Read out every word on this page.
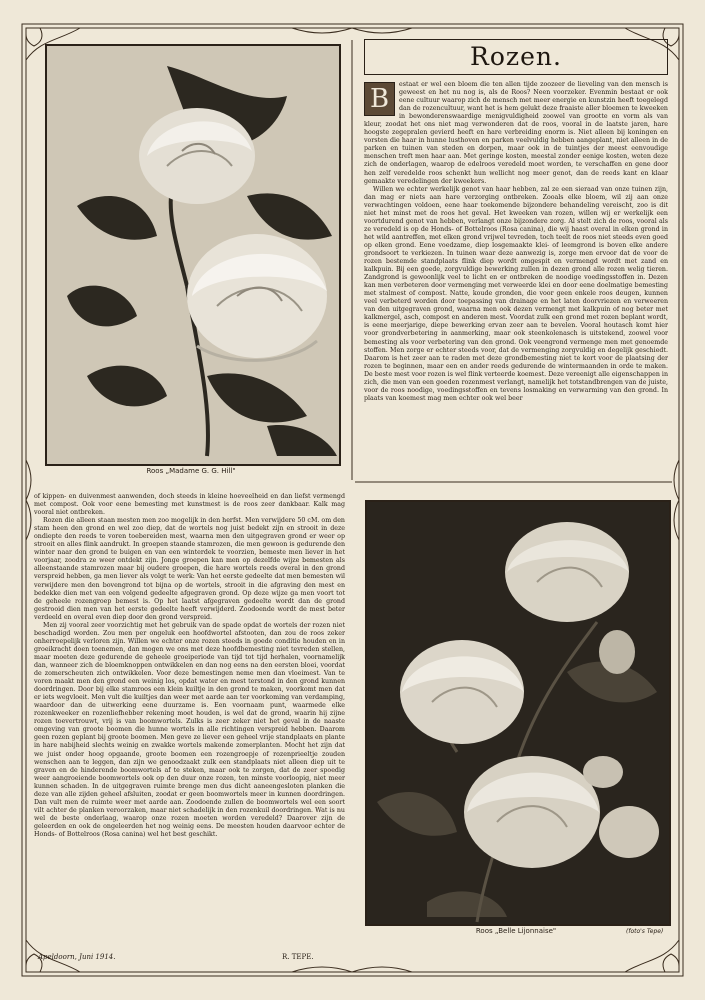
Roos „Madame G. G. Hill"
Rozen.

B	estaat er wel een bloem die ten allen tijde zoozeer de lieveling van den mensch is geweest en het nu nog is, als de Roos? Neen voorzeker. Evenmin bestaat er ook eene cultuur waarop zich de mensch met meer energie en kunstzin heeft toegelegd dan de rozencultuur, want het is hem gelukt deze fraaiste aller bloemen te kweeken in bewonderenswaardige menigvuldigheid zoowel van grootte en vorm als van kleur, zoodat het ons niet mag verwonderen dat de roos, vooral in de laatste jaren, hare hoogste zegepralen gevierd heeft en hare verbreiding enorm is. Niet alleen bij koningen en vorsten die haar in hunne lusthoven en parken veelvuldig hebben aangeplant, niet alleen in de parken en tuinen van steden en dorpen, maar ook in de tuintjes der meest eenvoudige menschen treft men haar aan. Met geringe kosten, meestal zonder eenige kosten, weten deze zich de onderlagen, waarop de edelroos veredeld moet worden, te verschaffen en gene door hen zelf veredelde roos schenkt hun wellicht nog meer genot, dan de reeds kant en klaar gemaakte veredelingen der kweekers.

Willen we echter werkelijk genot van haar hebben, zal ze een sieraad van onze tuinen zijn, dan mag er niets aan hare verzorging ontbreken. Zooals elke bloem, wil zij aan onze verwachtingen voldoen, eene haar toekomende bijzondere behandeling vereischt, zoo is dit niet het minst met de roos het geval. Het kweeken van rozen, willen wij er werkelijk een voortdurend genot van hebben, verlangt onze bijzondere zorg. Al stelt zich de roos, vooral als ze veredeld is op de Honds- of Bottelroos (Rosa canina), die wij haast overal in elken grond in het wild aantreffen, met elken grond vrijwel tevreden, toch teelt de roos niet steeds even goed op elken grond. Eene voedzame, diep losgemaakte klei- of leemgrond is boven elke andere grondsoort te verkiezen. In tuinen waar deze aanwezig is, zorge men ervoor dat de voor de rozen bestemde standplaats flink diep wordt omgespit en vermengd wordt met zand en kalkpuin. Bij een goede, zorgvuldige bewerking zullen in dezen grond alle rozen welig tieren. Zandgrond is gewoonlijk veel te licht en er ontbreken de noodige voedingsstoffen in. Dezen kan men verbeteren door vermenging met verweerde klei en door eene doelmatige bemesting met stalmest of compost. Natte, koude gronden, die voor geen enkele roos deugen, kunnen veel verbeterd worden door toepassing van drainage en het laten doorvriezen en verweeren van den uitgegraven grond, waarna men ook dezen vermengt met kalkpuin of nog beter met kalkmergel, asch, compost en anderen mest. Voordat zulk een grond met rozen beplant wordt, is eene meerjarige, diepe bewerking ervan zeer aan te bevelen. Vooral houtasch komt hier voor grondverbetering in aanmerking, maar ook steenkolenasch is uitstekend, zoowel voor bemesting als voor verbetering van den grond. Ook veengrond vermenge men met genoemde stoffen. Men zorge er echter steeds voor, dat de vermenging zorgvuldig en degelijk geschiedt. Daarom is het zeer aan te raden met deze grondbemesting niet te kort voor de plaatsing der rozen te beginnen, maar een en ander reeds gedurende de wintermaanden in orde te maken. De beste mest voor rozen is wel flink verteerde koemest. Deze vereenigt alle eigenschappen in zich, die men van een goeden rozenmest verlangt, namelijk het totstandbrengen van de juiste, voor de roos noodige, voedingsstoffen en tevens losmaking en verwarming van den grond. In plaats van koemest mag men echter ook wel beer

of kippen- en duivenmest aanwenden, doch steeds in kleine hoeveelheid en dan liefst vermengd met compost. Ook voor eene bemesting met kunstmest is de roos zeer dankbaar. Kalk mag vooral niet ontbreken.

Rozen die alleen staan mesten men zoo mogelijk in den herfst. Men verwijdere 50 cM. om den stam heen den grond en wel zoo diep, dat de wortels nog juist bedekt zijn en strooit in deze ondiepte den reeds te voren toebereiden mest, waarna men den uitgegraven grond er weer op strooit en alles flink aandrukt. In groepen staande stamrozen, die men gewoon is gedurende den winter naar den grond te buigen en van een winterdek te voorzien, bemeste men liever in het voorjaar, zoodra ze weer ontdekt zijn. Jonge groepen kan men op dezelfde wijze bemesten als alleenstaande stamrozen maar bij oudere groepen, die hare wortels reeds overal in den grond verspreid hebben, ga men liever als volgt te werk: Van het eerste gedeelte dat men bemesten wil verwijdere men den bovengrond tot bijna op de wortels, strooit in die afgraving den mest en bedekke dien met van een volgend gedeelte afgegraven grond. Op deze wijze ga men voort tot de geheele rozengroep bemest is. Op het laatst afgegraven gedeelte wordt dan de grond gestrooid dien men van het eerste gedeelte heeft verwijderd. Zoodoende wordt de mest beter verdeeld en overal even diep door den grond verspreid.

Men zij vooral zeer voorzichtig met het gebruik van de spade opdat de wortels der rozen niet beschadigd worden. Zou men per ongeluk een hoofdwortel afstooten, dan zou de roos zeker onherroepelijk verloren zijn. Willen we echter onze rozen steeds in goede conditie houden en in groeikracht doen toenemen, dan mogen we ons met deze hoofdbemesting niet tevreden stellen, maar moeten deze gedurende de geheele groeiperiode van tijd tot tijd herhalen, voornamelijk dan, wanneer zich de bloemknoppen ontwikkelen en dan nog eens na den eersten bloei, voordat de zomerscheuten zich ontwikkelen. Voor deze bemestingen neme men dan vloeimest. Van te voren maakt men den grond een weinig los, opdat water en mest terstond in den grond kunnen doordringen. Door bij elke stamroos een klein kuiltje in den grond te maken, voorkomt men dat er iets wegvloeit. Men vult die kuiltjes dan weer met aarde aan ter voorkoming van verdamping, waardoor dan de uitwerking eene duurzame is. Een voornaam punt, waarmede elke rozenkweeker en rozenliefhebber rekening moet houden, is wel dat de grond, waarin hij zijne rozen toevertrouwt, vrij is van boomwortels. Zulks is zeer zeker niet het geval in de naaste omgeving van groote boomen die hunne wortels in alle richtingen verspreid hebben. Daarom geen rozen geplant bij groote boomen. Men geve ze liever een geheel vrije standplaats en plante in hare nabijheid slechts weinig en zwakke wortels makende zomerplanten. Mocht het zijn dat we juist onder hoog opgaande, groote boomen een rozengroepje of rozenprieeltje zouden wenschen aan te leggen, dan zijn we genoodzaakt zulk een standplaats niet alleen diep uit te graven en de hinderende boomwortels af te steken, maar ook te zorgen, dat de zeer spoedig weer aangroeiende boomwortels ook op den duur onze rozen, ten minste voorloopig, niet meer kunnen schaden. In de uitgegraven ruimte brenge men dus dicht aaneengesloten planken die deze van alle zijden geheel afsluiten, zoodat er geen boomwortels meer in kunnen doordringen. Dan vult men de ruimte weer met aarde aan. Zoodoende zullen de boomwortels wel een soort vilt achter de planken veroorzaken, maar niet schadelijk in den rozenkuil doordringen. Wat is nu wel de beste onderlaag, waarop onze rozen moeten worden veredeld? Daarover zijn de geleerden en ook de ongeleerden het nog weinig eens. De meesten houden daarvoor echter de Honds- of Bottelroos (Rosa canina) wel het best geschikt.

Apeldoorn, Juni 1914.	R. TEPE.
Roos „Belle Lijonnaise"	(foto's Tepe)
